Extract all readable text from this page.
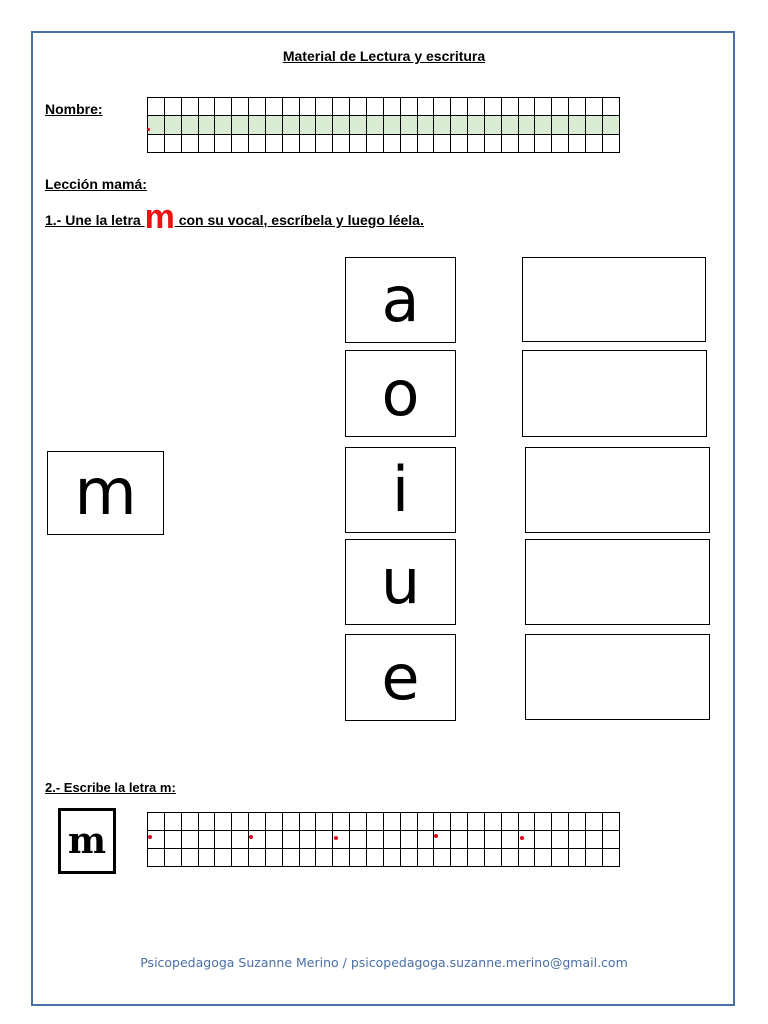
Material de Lectura y escritura
Nombre:

Lección mamá:
1.- Une la letra m con su vocal, escríbela y luego léela.
m
a
o
i
u
e
2.- Escribe la letra m:
m

Psicopedagoga Suzanne Merino / psicopedagoga.suzanne.merino@gmail.com
